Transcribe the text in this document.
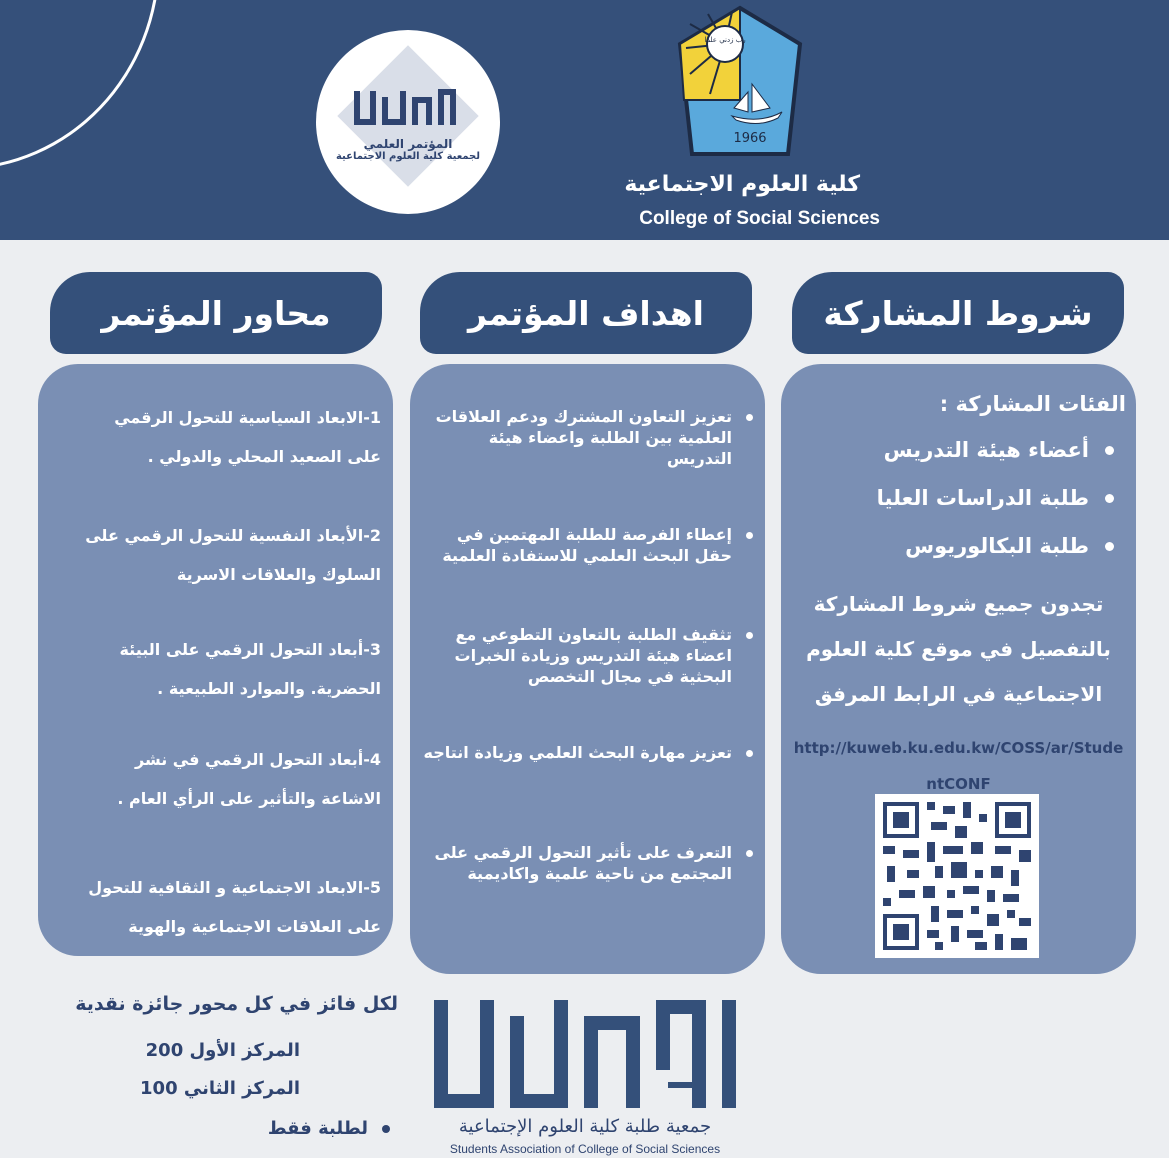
المؤتمر العلمي
لجمعية كلية العلوم الاجتماعية
رب زدني علما
1966
كلية العلوم الاجتماعية
College of Social Sciences
شروط المشاركة
اهداف المؤتمر
محاور المؤتمر
الفئات المشاركة :
أعضاء هيئة التدريس
طلبة الدراسات العليا
طلبة البكالوريوس
تجدون جميع شروط المشاركة
بالتفصيل في موقع كلية العلوم
الاجتماعية في الرابط المرفق
http://kuweb.ku.edu.kw/COSS/ar/Stude
ntCONF
تعزيز التعاون المشترك ودعم العلاقات العلمية بين الطلبة واعضاء هيئة التدريس
إعطاء الفرصة للطلبة المهتمين في حقل البحث العلمي للاستفادة العلمية
تثقيف الطلبة بالتعاون التطوعي مع اعضاء هيئة التدريس وزيادة الخبرات البحثية في مجال التخصص
تعزيز مهارة البحث العلمي وزيادة انتاجه
التعرف على تأثير التحول الرقمي على المجتمع من ناحية علمية واكاديمية
1-الابعاد السياسية للتحول الرقمي
على الصعيد المحلي والدولي .
2-الأبعاد النفسية للتحول الرقمي على
السلوك والعلاقات الاسرية
3-أبعاد التحول الرقمي على البيئة
الحضرية. والموارد الطبيعية .
4-أبعاد التحول الرقمي في نشر
الاشاعة والتأثير على الرأي العام .
5-الابعاد الاجتماعية و الثقافية للتحول
على العلاقات الاجتماعية والهوية
لكل فائز في كل محور جائزة نقدية
المركز الأول 200
المركز الثاني 100
لطلبة فقط	جمعية طلبة كلية العلوم الإجتماعية
Students Association of College of Social Sciences
